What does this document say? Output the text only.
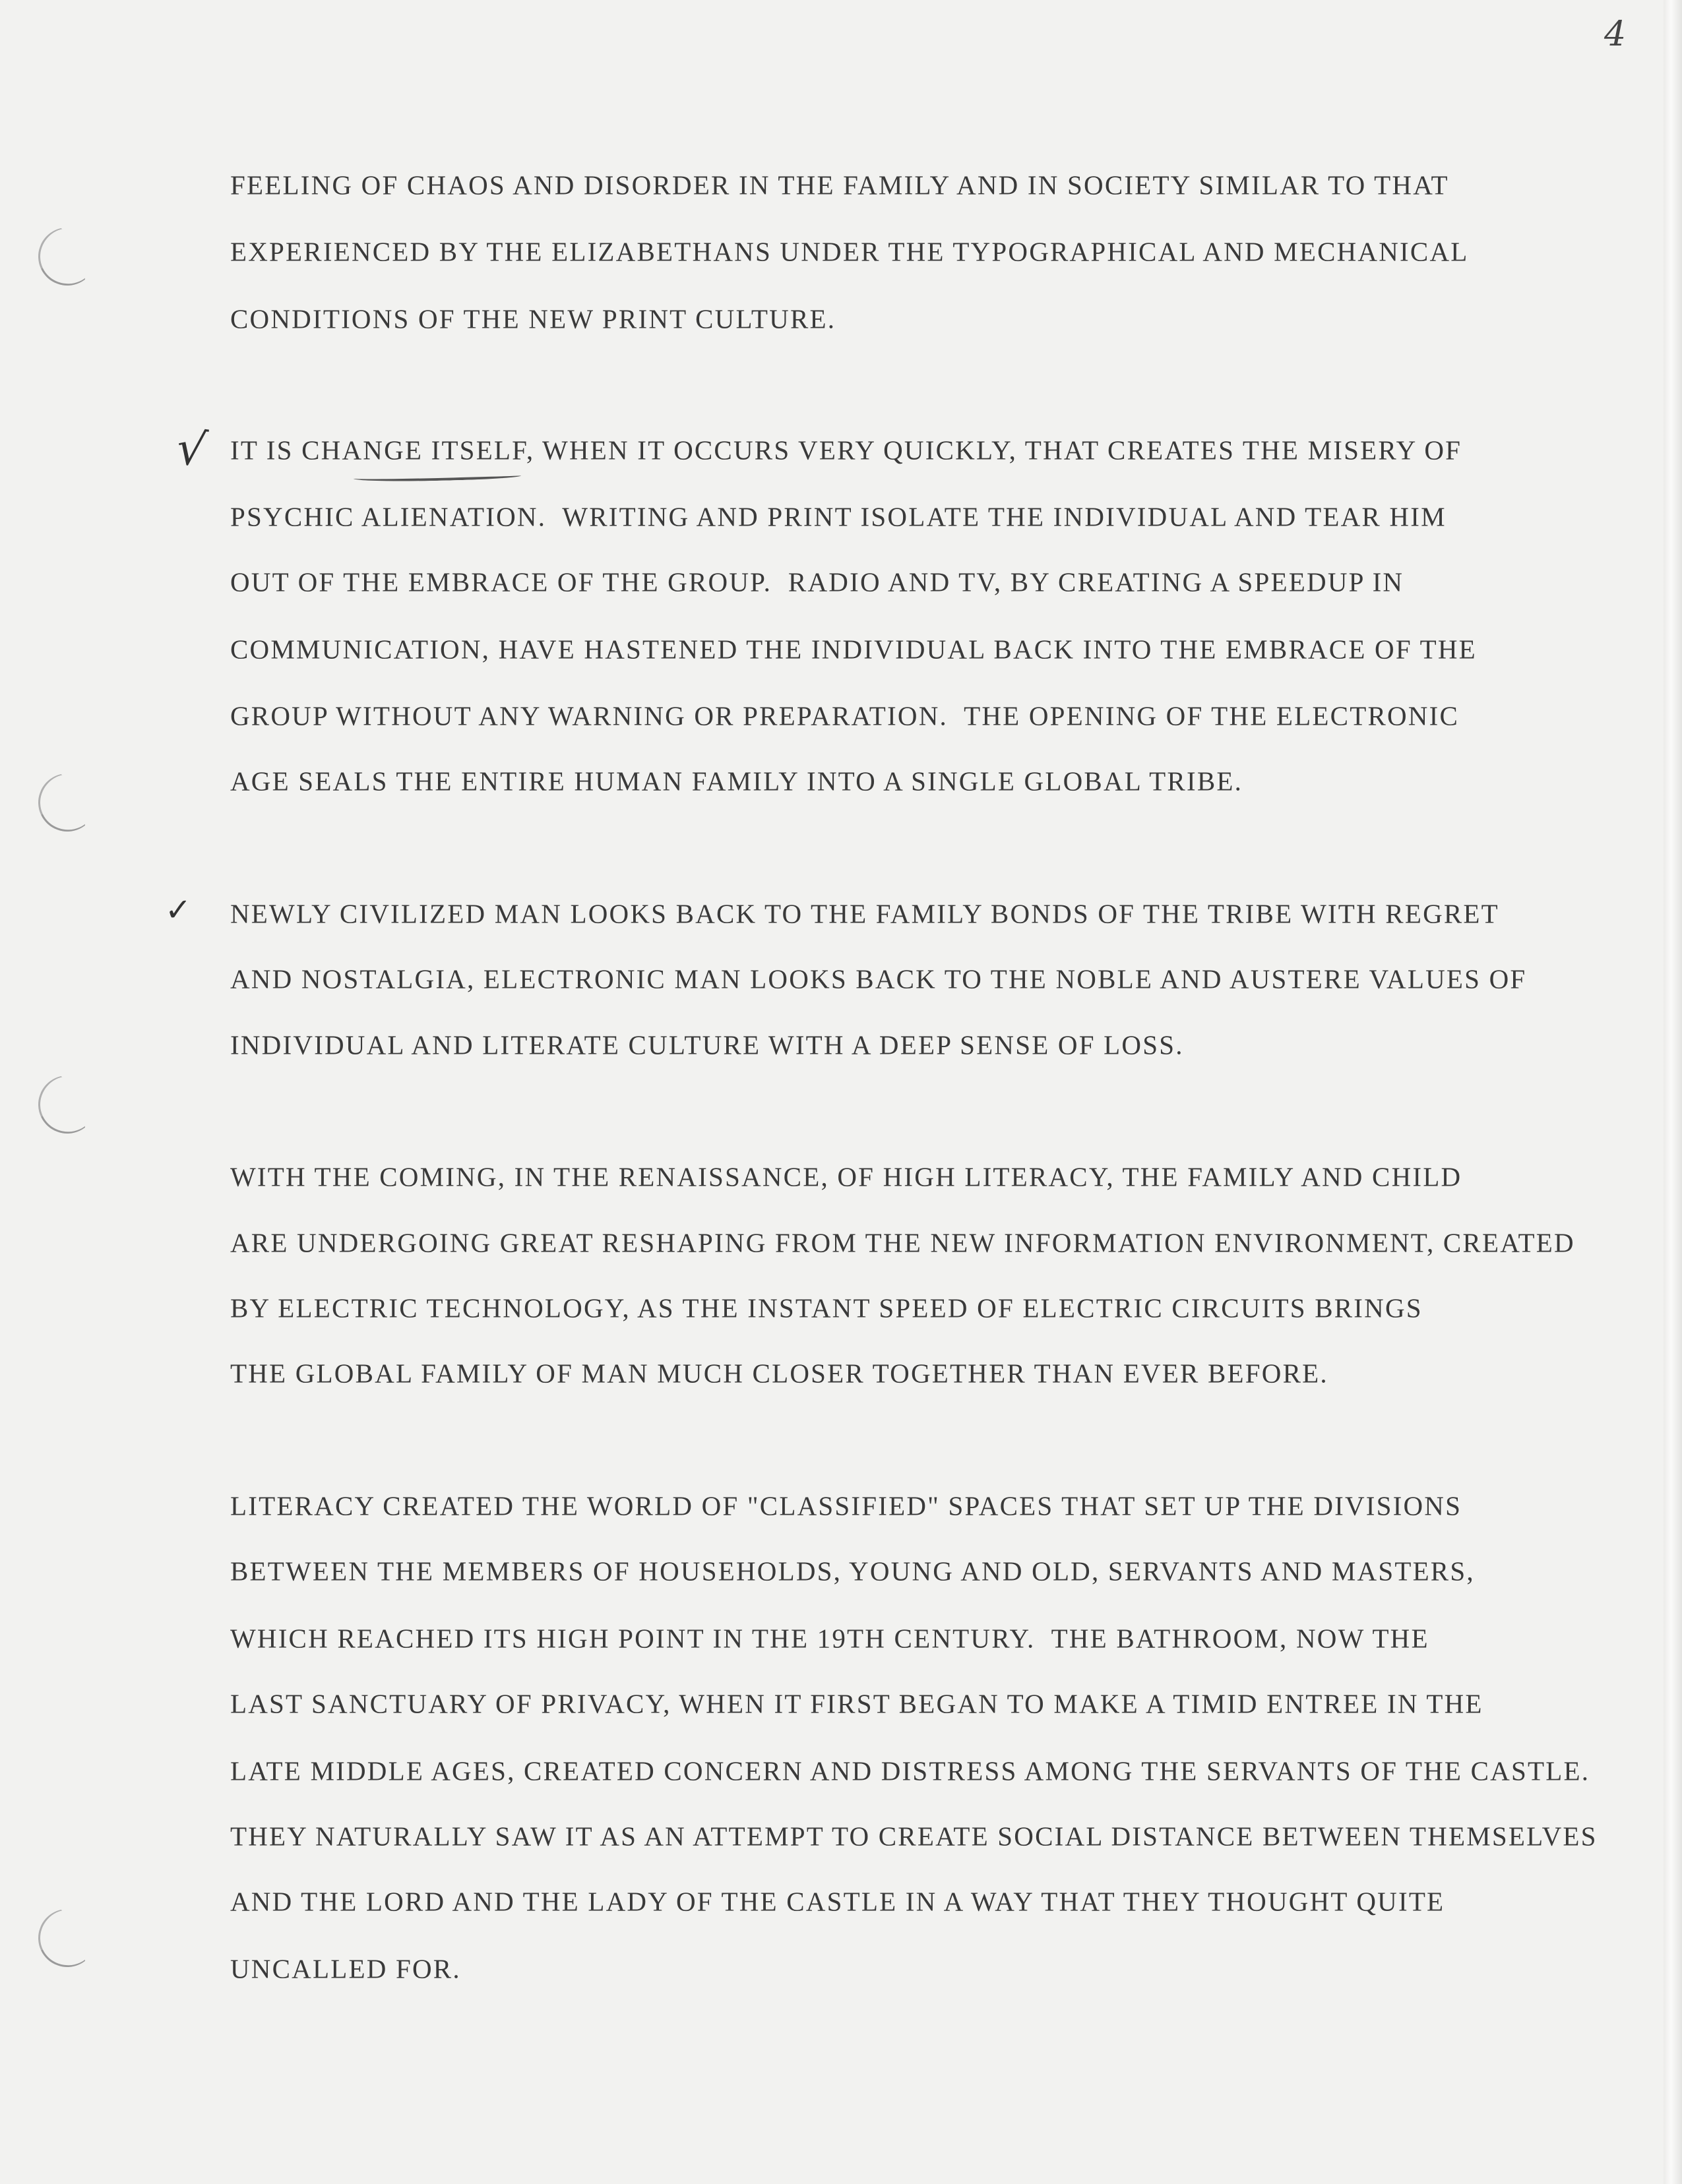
4
√
✓
FEELING OF CHAOS AND DISORDER IN THE FAMILY AND IN SOCIETY SIMILAR TO THAT
EXPERIENCED BY THE ELIZABETHANS UNDER THE TYPOGRAPHICAL AND MECHANICAL
CONDITIONS OF THE NEW PRINT CULTURE.
IT IS CHANGE ITSELF, WHEN IT OCCURS VERY QUICKLY, THAT CREATES THE MISERY OF
PSYCHIC ALIENATION.  WRITING AND PRINT ISOLATE THE INDIVIDUAL AND TEAR HIM
OUT OF THE EMBRACE OF THE GROUP.  RADIO AND TV, BY CREATING A SPEEDUP IN
COMMUNICATION, HAVE HASTENED THE INDIVIDUAL BACK INTO THE EMBRACE OF THE
GROUP WITHOUT ANY WARNING OR PREPARATION.  THE OPENING OF THE ELECTRONIC
AGE SEALS THE ENTIRE HUMAN FAMILY INTO A SINGLE GLOBAL TRIBE.
NEWLY CIVILIZED MAN LOOKS BACK TO THE FAMILY BONDS OF THE TRIBE WITH REGRET
AND NOSTALGIA, ELECTRONIC MAN LOOKS BACK TO THE NOBLE AND AUSTERE VALUES OF
INDIVIDUAL AND LITERATE CULTURE WITH A DEEP SENSE OF LOSS.
WITH THE COMING, IN THE RENAISSANCE, OF HIGH LITERACY, THE FAMILY AND CHILD
ARE UNDERGOING GREAT RESHAPING FROM THE NEW INFORMATION ENVIRONMENT, CREATED
BY ELECTRIC TECHNOLOGY, AS THE INSTANT SPEED OF ELECTRIC CIRCUITS BRINGS
THE GLOBAL FAMILY OF MAN MUCH CLOSER TOGETHER THAN EVER BEFORE.
LITERACY CREATED THE WORLD OF "CLASSIFIED" SPACES THAT SET UP THE DIVISIONS
BETWEEN THE MEMBERS OF HOUSEHOLDS, YOUNG AND OLD, SERVANTS AND MASTERS,
WHICH REACHED ITS HIGH POINT IN THE 19TH CENTURY.  THE BATHROOM, NOW THE
LAST SANCTUARY OF PRIVACY, WHEN IT FIRST BEGAN TO MAKE A TIMID ENTREE IN THE
LATE MIDDLE AGES, CREATED CONCERN AND DISTRESS AMONG THE SERVANTS OF THE CASTLE.
THEY NATURALLY SAW IT AS AN ATTEMPT TO CREATE SOCIAL DISTANCE BETWEEN THEMSELVES
AND THE LORD AND THE LADY OF THE CASTLE IN A WAY THAT THEY THOUGHT QUITE
UNCALLED FOR.
